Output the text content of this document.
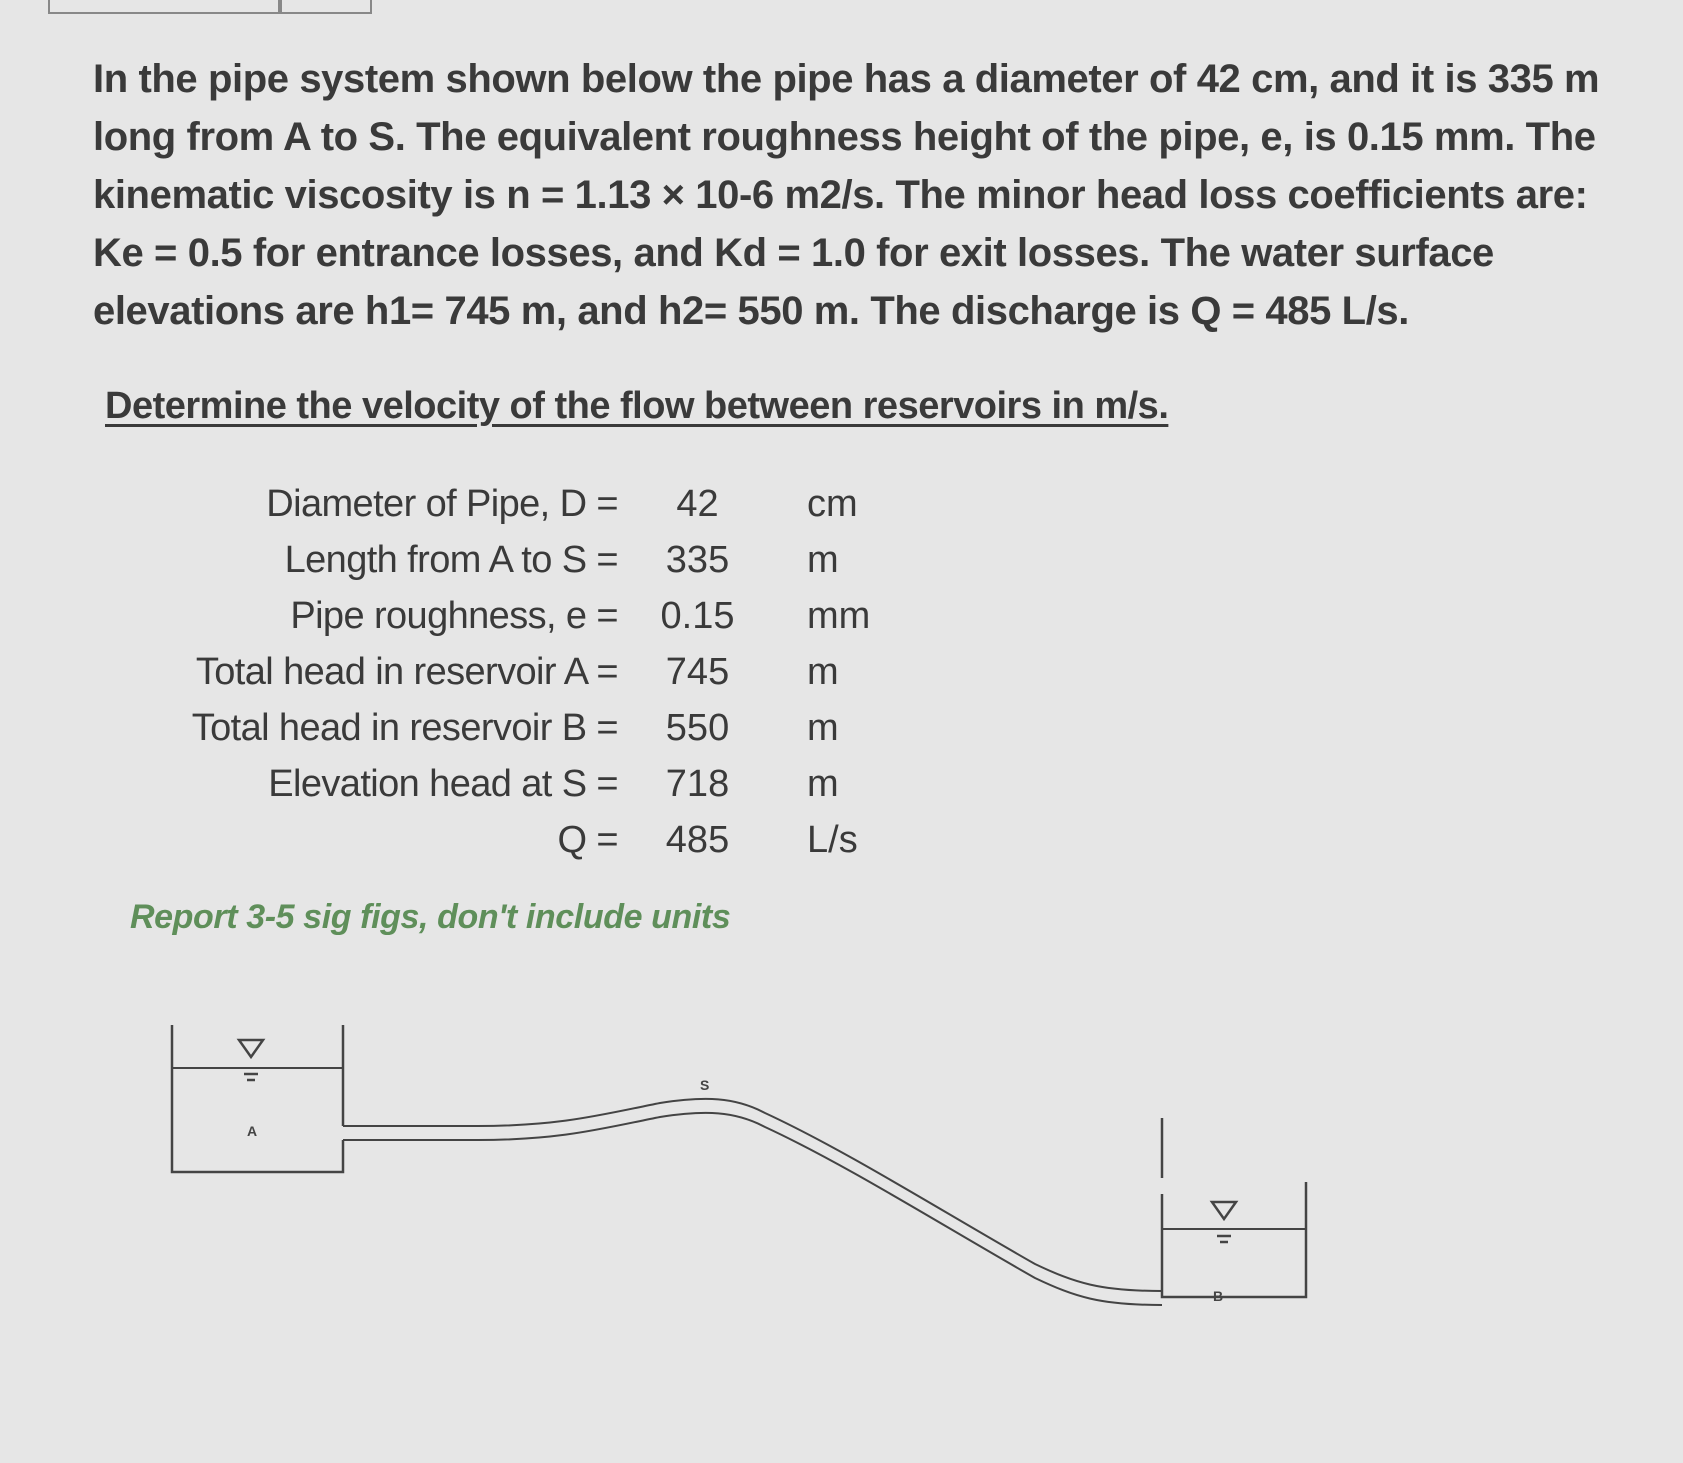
In the pipe system shown below the pipe has a diameter of 42 cm, and it is 335 m long from A to S. The equivalent roughness height of the pipe, e, is 0.15 mm. The kinematic viscosity is n = 1.13 × 10-6 m2/s. The minor head loss coefficients are: Ke = 0.5 for entrance losses, and Kd = 1.0 for exit losses. The water surface elevations are h1= 745 m, and h2= 550 m. The discharge is Q = 485 L/s.
Determine the velocity of the flow between reservoirs in m/s.
Diameter of Pipe, D =	42	cm
Length from A to S =	335	m
Pipe roughness, e =	0.15	mm
Total head in reservoir A =	745	m
Total head in reservoir B =	550	m
Elevation head at S =	718	m
Q =	485	L/s
Report 3-5 sig figs, don't include units
A
S
B
